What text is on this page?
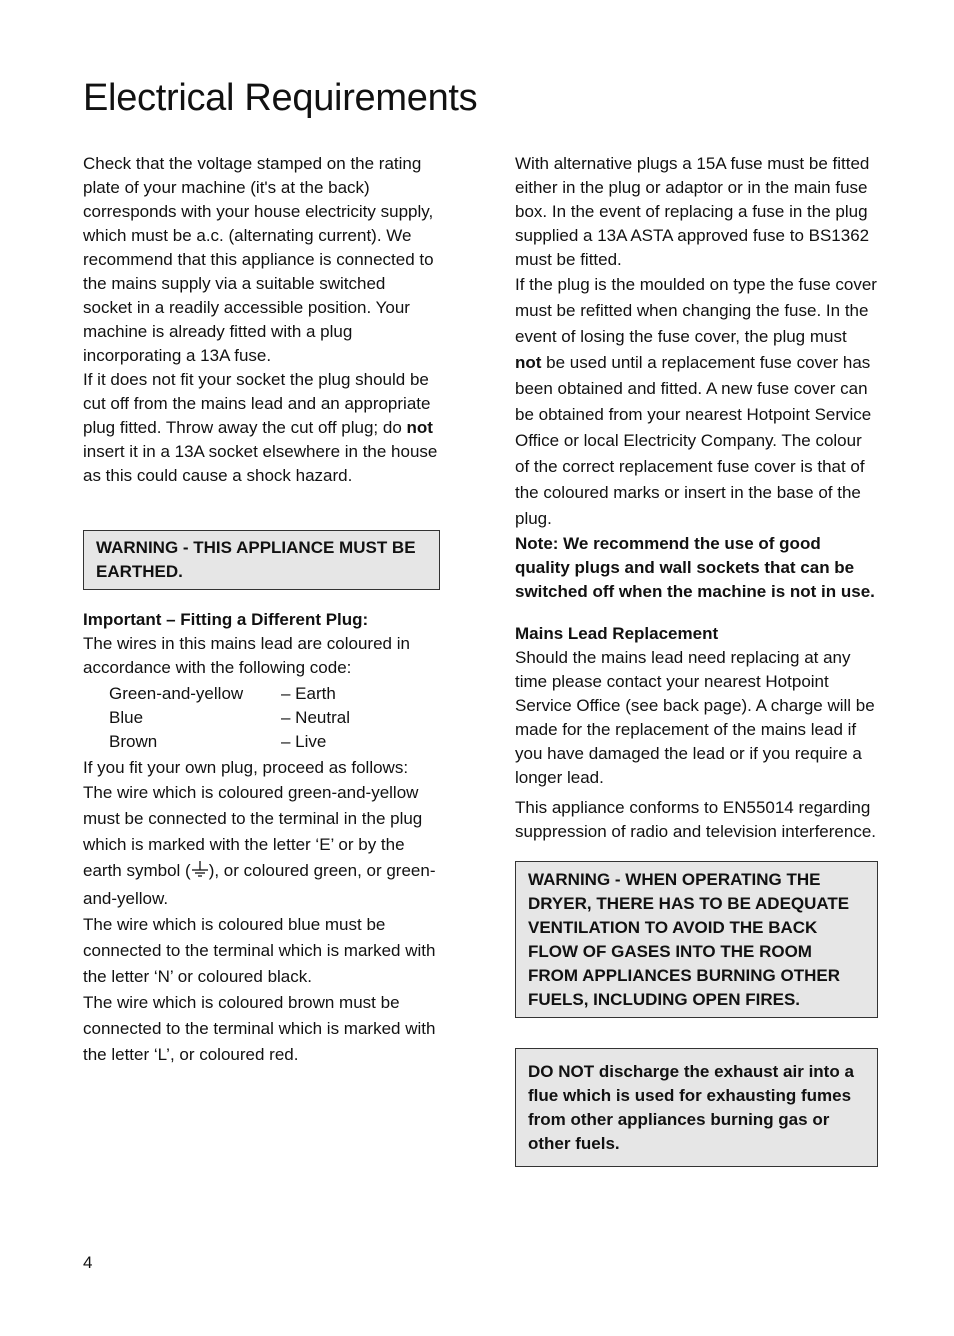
Electrical Requirements

Check that the voltage stamped on the rating plate of your machine (it's at the back) corresponds with your house electricity supply, which must be a.c. (alternating current). We recommend that this appliance is connected to the mains supply via a suitable switched socket in a readily accessible position. Your machine is already fitted with a plug incorporating a 13A fuse.

If it does not fit your socket the plug should be cut off from the mains lead and an appropriate plug fitted. Throw away the cut off plug; do not insert it in a 13A socket elsewhere in the house as this could cause a shock hazard.

WARNING - THIS APPLIANCE MUST BE EARTHED.

Important – Fitting a Different Plug:

The wires in this mains lead are coloured in accordance with the following code:

Green-and-yellow	– Earth
Blue	– Neutral
Brown	– Live

If you fit your own plug, proceed as follows:

The wire which is coloured green-and-yellow must be connected to the terminal in the plug which is marked with the letter ‘E’ or by the earth symbol ( ), or coloured green, or green-and-yellow.

The wire which is coloured blue must be connected to the terminal which is marked with the letter ‘N’ or coloured black.

The wire which is coloured brown must be connected to the terminal which is marked with the letter ‘L’, or coloured red.

With alternative plugs a 15A fuse must be fitted either in the plug or adaptor or in the main fuse box. In the event of replacing a fuse in the plug supplied a 13A ASTA approved fuse to BS1362 must be fitted.

If the plug is the moulded on type the fuse cover must be refitted when changing the fuse. In the event of losing the fuse cover, the plug must not be used until a replacement fuse cover has been obtained and fitted. A new fuse cover can be obtained from your nearest Hotpoint Service Office or local Electricity Company. The colour of the correct replacement fuse cover is that of the coloured marks or insert in the base of the plug.

Note: We recommend the use of good quality plugs and wall sockets that can be switched off when the machine is not in use.

Mains Lead Replacement

Should the mains lead need replacing at any time please contact your nearest Hotpoint Service Office (see back page). A charge will be made for the replacement of the mains lead if you have damaged the lead or if you require a longer lead.

This appliance conforms to EN55014 regarding suppression of radio and television interference.

WARNING - WHEN OPERATING THE DRYER, THERE HAS TO BE ADEQUATE VENTILATION TO AVOID THE BACK FLOW OF GASES INTO THE ROOM FROM APPLIANCES BURNING OTHER FUELS, INCLUDING OPEN FIRES.
DO NOT discharge the exhaust air into a flue which is used for exhausting fumes from other appliances burning gas or other fuels.
4
